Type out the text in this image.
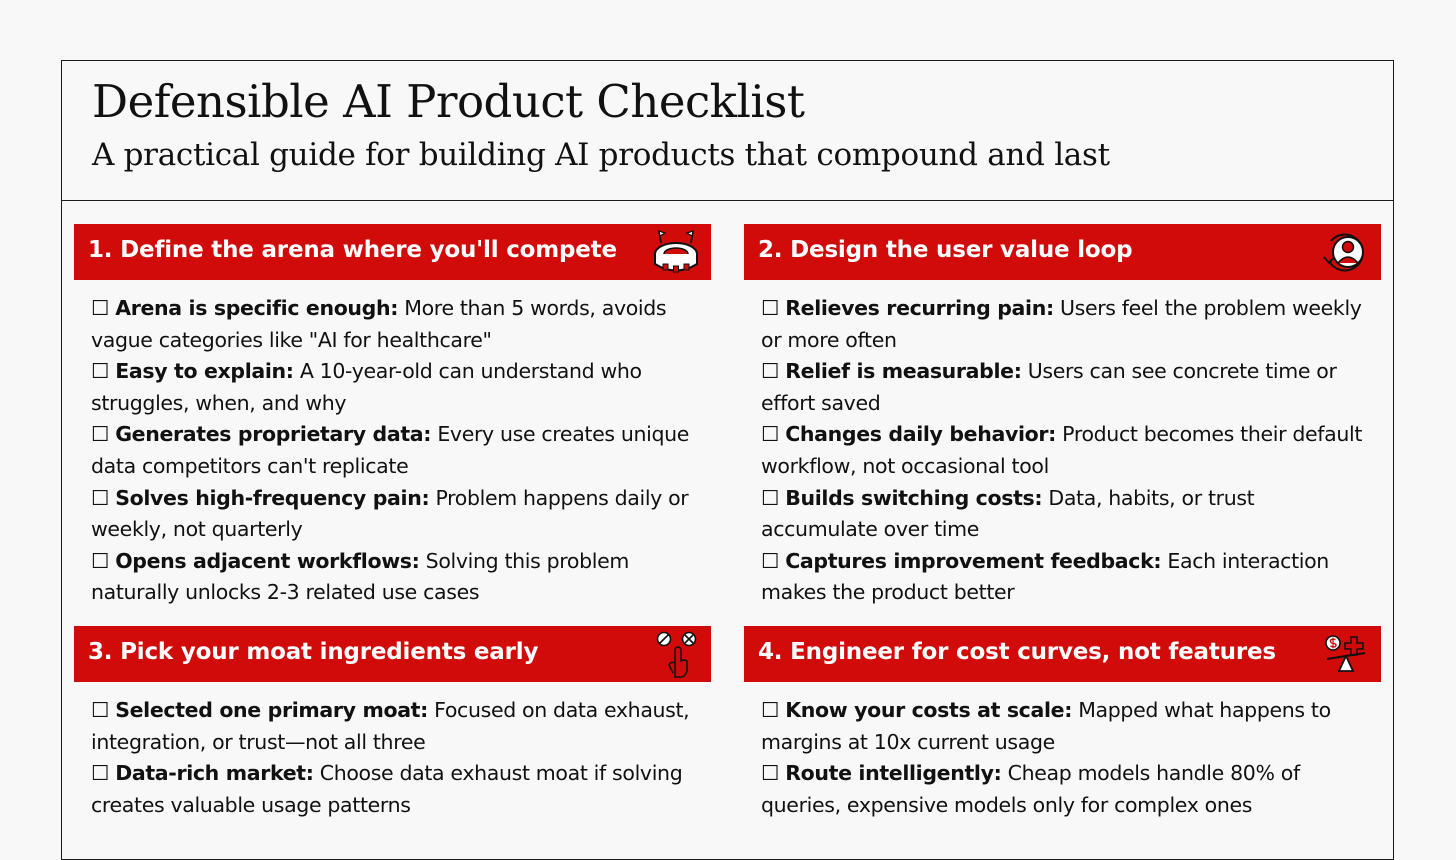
Defensible AI Product Checklist
A practical guide for building AI products that compound and last
1. Define the arena where you'll compete
☐ Arena is specific enough: More than 5 words, avoids vague categories like "AI for healthcare"
☐ Easy to explain: A 10-year-old can understand who struggles, when, and why
☐ Generates proprietary data: Every use creates unique data competitors can't replicate
☐ Solves high-frequency pain: Problem happens daily or weekly, not quarterly
☐ Opens adjacent workflows: Solving this problem naturally unlocks 2-3 related use cases
2. Design the user value loop
☐ Relieves recurring pain: Users feel the problem weekly or more often
☐ Relief is measurable: Users can see concrete time or effort saved
☐ Changes daily behavior: Product becomes their default workflow, not occasional tool
☐ Builds switching costs: Data, habits, or trust accumulate over time
☐ Captures improvement feedback: Each interaction makes the product better
3. Pick your moat ingredients early
☐ Selected one primary moat: Focused on data exhaust, integration, or trust—not all three
☐ Data-rich market: Choose data exhaust moat if solving creates valuable usage patterns
4. Engineer for cost curves, not features
☐ Know your costs at scale: Mapped what happens to margins at 10x current usage
☐ Route intelligently: Cheap models handle 80% of queries, expensive models only for complex ones
